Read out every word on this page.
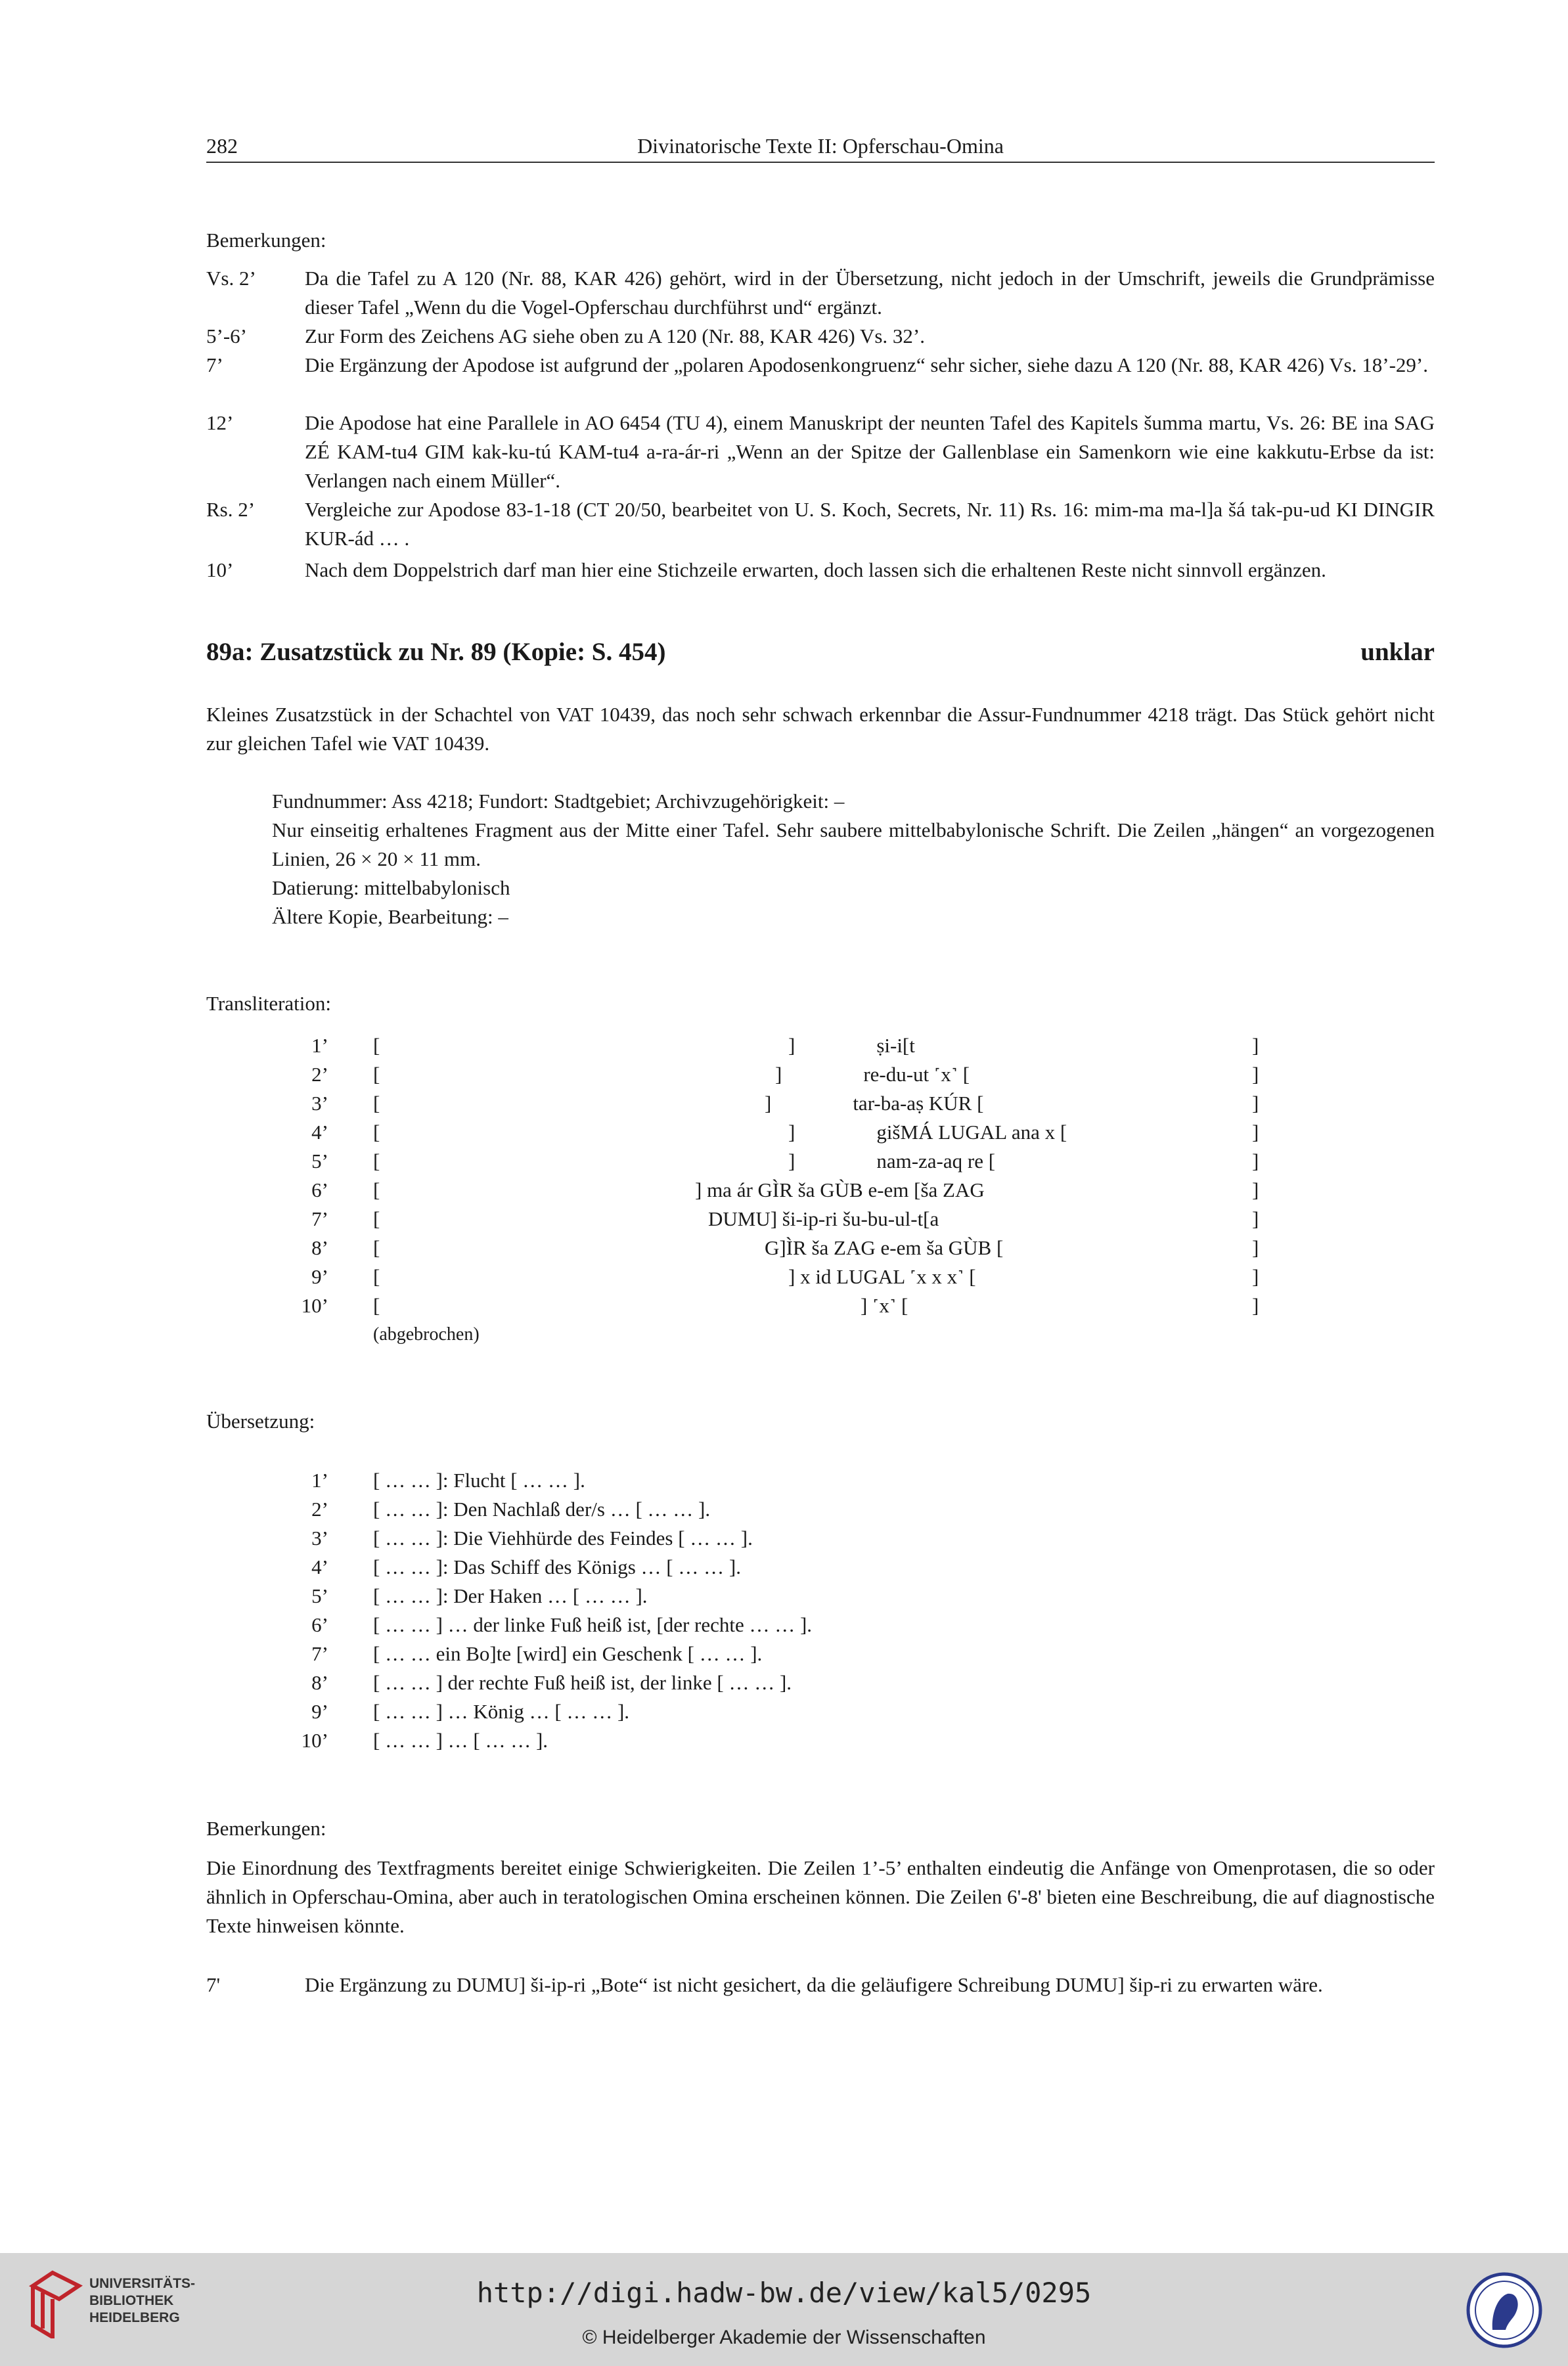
282	Divinatorische Texte II: Opferschau-Omina
Bemerkungen:
Vs. 2’	Da die Tafel zu A 120 (Nr. 88, KAR 426) gehört, wird in der Übersetzung, nicht jedoch in der Umschrift, jeweils die Grundprämisse dieser Tafel „Wenn du die Vogel-Opferschau durchführst und“ ergänzt.
5’-6’	Zur Form des Zeichens AG siehe oben zu A 120 (Nr. 88, KAR 426) Vs. 32’.
7’	Die Ergänzung der Apodose ist aufgrund der „polaren Apodosenkongruenz“ sehr sicher, siehe dazu A 120 (Nr. 88, KAR 426) Vs. 18’-29’.
12’	Die Apodose hat eine Parallele in AO 6454 (TU 4), einem Manuskript der neunten Tafel des Kapitels šumma martu, Vs. 26: BE ina SAG ZÉ KAM-tu4 GIM kak-ku-tú KAM-tu4 a-ra-ár-ri „Wenn an der Spitze der Gallenblase ein Samenkorn wie eine kakkutu-Erbse da ist: Verlangen nach einem Müller“.
Rs. 2’	Vergleiche zur Apodose 83-1-18 (CT 20/50, bearbeitet von U. S. Koch, Secrets, Nr. 11) Rs. 16: mim-ma ma-l]a šá tak-pu-ud KI DINGIR KUR-ád … .
10’	Nach dem Doppelstrich darf man hier eine Stichzeile erwarten, doch lassen sich die erhaltenen Reste nicht sinnvoll ergänzen.
89a: Zusatzstück zu Nr. 89 (Kopie: S. 454)	unklar

Kleines Zusatzstück in der Schachtel von VAT 10439, das noch sehr schwach erkennbar die Assur-Fundnummer 4218 trägt. Das Stück gehört nicht zur gleichen Tafel wie VAT 10439.

Fundnummer: Ass 4218; Fundort: Stadtgebiet; Archivzugehörigkeit: –
Nur einseitig erhaltenes Fragment aus der Mitte einer Tafel. Sehr saubere mittelbabylonische Schrift. Die Zeilen „hängen“ an vorgezogenen Linien, 26 × 20 × 11 mm.
Datierung: mittelbabylonisch
Ältere Kopie, Bearbeitung: –
Transliteration:
1’ [	]                ṣi-i[t	]
2’ [	]                re-du-ut ˹x˺ [	]
3’ [	]                tar-ba-aṣ KÚR [	]
4’ [	]                gišMÁ LUGAL ana x [	]
5’ [	]                nam-za-aq re [	]
6’ [	] ma ár GÌR ša GÙB e-em [ša ZAG	]
7’ [	DUMU] ši-ip-ri šu-bu-ul-t[a	]
8’ [	G]ÌR ša ZAG e-em ša GÙB [	]
9’ [	] x id LUGAL ˹x x x˺ [	]
10’ [	] ˹x˺ [	]
(abgebrochen)
Übersetzung:
1’ [ … … ]: Flucht [ … … ].
2’ [ … … ]: Den Nachlaß der/s … [ … … ].
3’ [ … … ]: Die Viehhürde des Feindes [ … … ].
4’ [ … … ]: Das Schiff des Königs … [ … … ].
5’ [ … … ]: Der Haken … [ … … ].
6’ [ … … ] … der linke Fuß heiß ist, [der rechte … … ].
7’ [ … … ein Bo]te [wird] ein Geschenk [ … … ].
8’ [ … … ] der rechte Fuß heiß ist, der linke [ … … ].
9’ [ … … ] … König … [ … … ].
10’ [ … … ] … [ … … ].
Bemerkungen:

Die Einordnung des Textfragments bereitet einige Schwierigkeiten. Die Zeilen 1’-5’ enthalten eindeutig die Anfänge von Omenprotasen, die so oder ähnlich in Opferschau-Omina, aber auch in teratologischen Omina erscheinen können. Die Zeilen 6'-8' bieten eine Beschreibung, die auf diagnostische Texte hinweisen könnte.

7'	Die Ergänzung zu DUMU] ši-ip-ri „Bote“ ist nicht gesichert, da die geläufigere Schreibung DUMU] šip-ri zu erwarten wäre.
UNIVERSITÄTS-
BIBLIOTHEK
HEIDELBERG
http://digi.hadw-bw.de/view/kal5/0295
© Heidelberger Akademie der Wissenschaften
